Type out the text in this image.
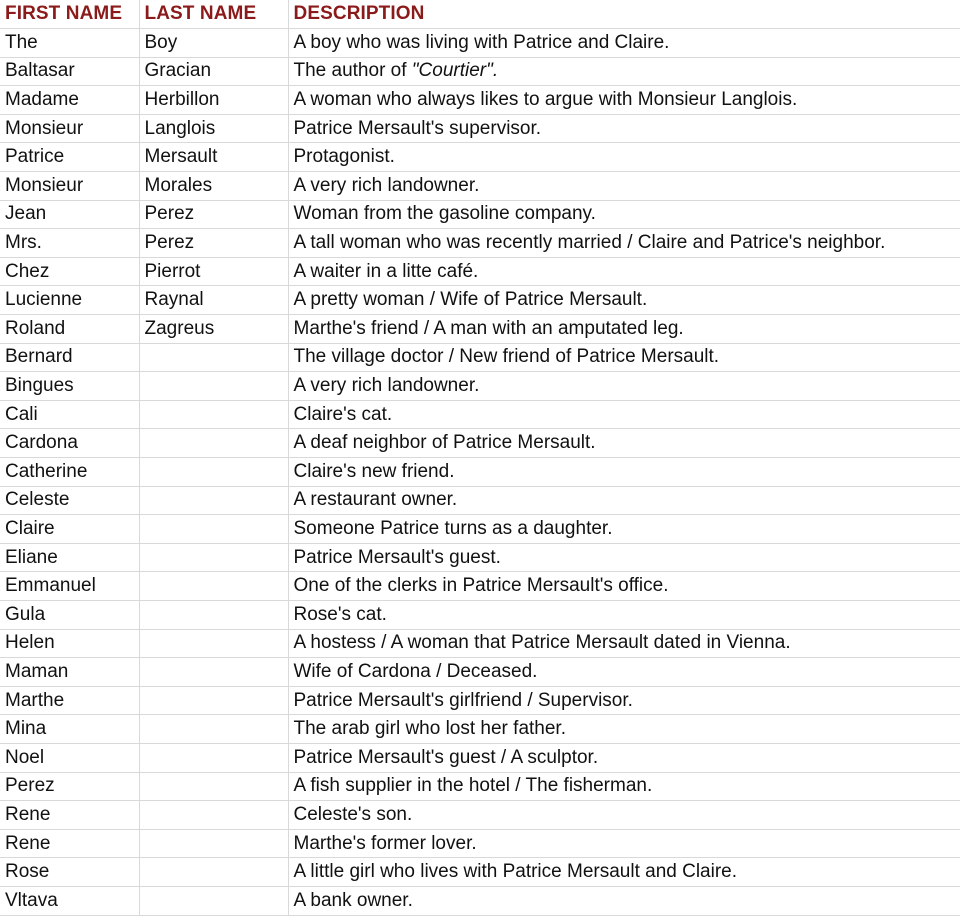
FIRST NAME	LAST NAME	DESCRIPTION
The	Boy	A boy who was living with Patrice and Claire.
Baltasar	Gracian	The author of "Courtier".
Madame	Herbillon	A woman who always likes to argue with Monsieur Langlois.
Monsieur	Langlois	Patrice Mersault's supervisor.
Patrice	Mersault	Protagonist.
Monsieur	Morales	A very rich landowner.
Jean	Perez	Woman from the gasoline company.
Mrs.	Perez	A tall woman who was recently married / Claire and Patrice's neighbor.
Chez	Pierrot	A waiter in a litte café.
Lucienne	Raynal	A pretty woman / Wife of Patrice Mersault.
Roland	Zagreus	Marthe's friend / A man with an amputated leg.
Bernard		The village doctor / New friend of Patrice Mersault.
Bingues		A very rich landowner.
Cali		Claire's cat.
Cardona		A deaf neighbor of Patrice Mersault.
Catherine		Claire's new friend.
Celeste		A restaurant owner.
Claire		Someone Patrice turns as a daughter.
Eliane		Patrice Mersault's guest.
Emmanuel		One of the clerks in Patrice Mersault's office.
Gula		Rose's cat.
Helen		A hostess / A woman that Patrice Mersault dated in Vienna.
Maman		Wife of Cardona / Deceased.
Marthe		Patrice Mersault's girlfriend / Supervisor.
Mina		The arab girl who lost her father.
Noel		Patrice Mersault's guest / A sculptor.
Perez		A fish supplier in the hotel / The fisherman.
Rene		Celeste's son.
Rene		Marthe's former lover.
Rose		A little girl who lives with Patrice Mersault and Claire.
Vltava		A bank owner.
